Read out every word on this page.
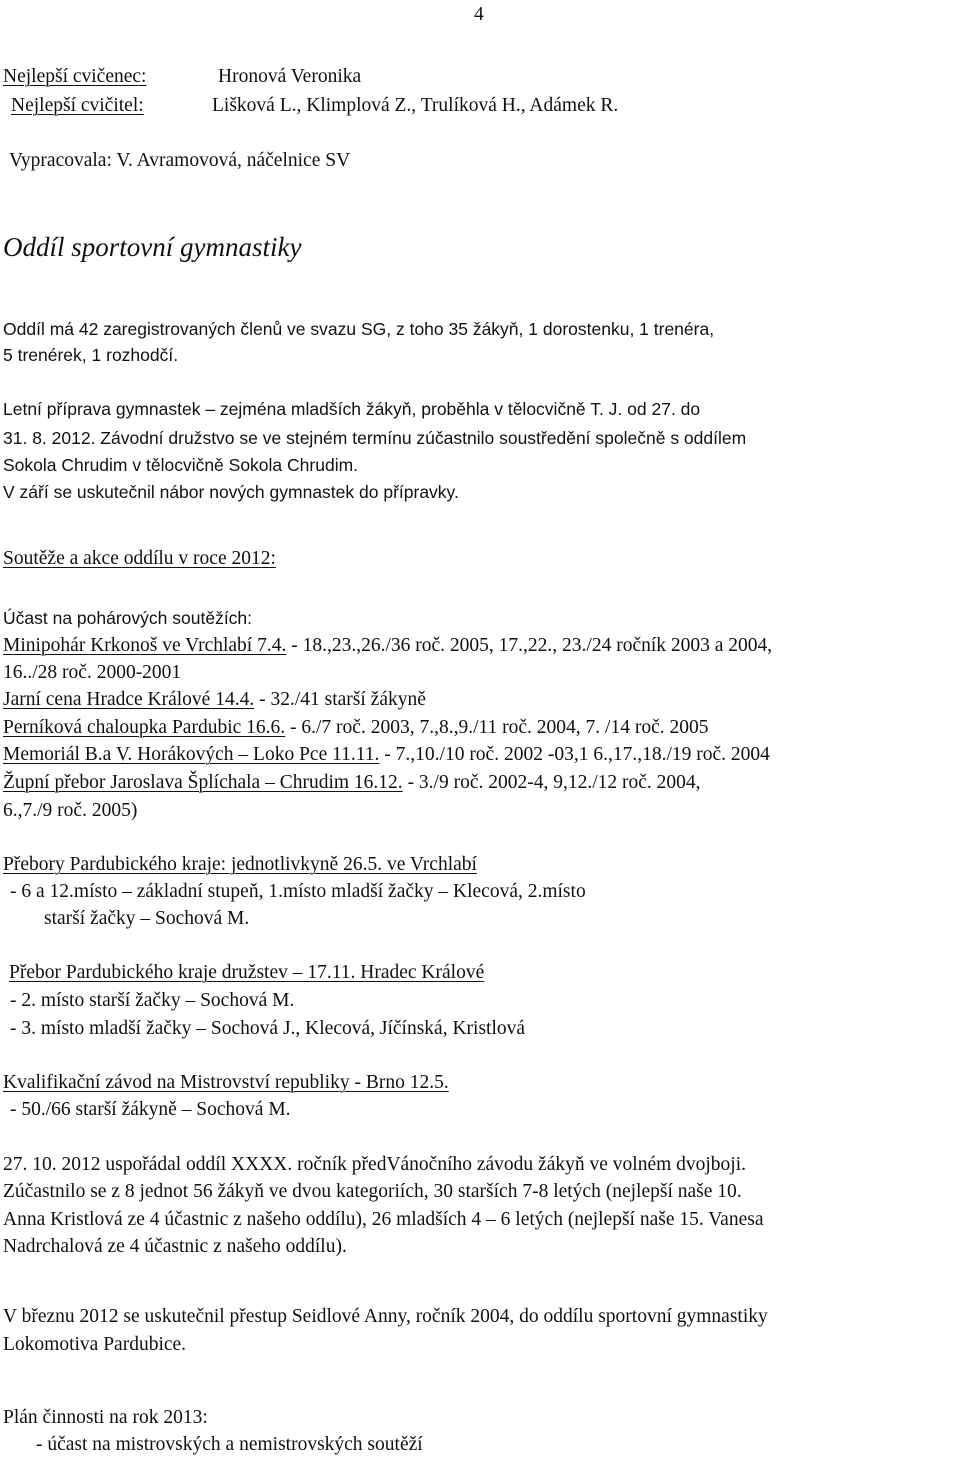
4
Nejlepší cvičenec:	Hronová Veronika
Nejlepší cvičitel:	Lišková L., Klimplová Z., Trulíková H., Adámek R.
Vypracovala: V. Avramovová, náčelnice SV
Oddíl sportovní gymnastiky
Oddíl má 42 zaregistrovaných členů ve svazu SG, z toho 35 žákyň, 1 dorostenku, 1 trenéra,
5 trenérek, 1 rozhodčí.
Letní příprava gymnastek – zejména mladších žákyň, proběhla v tělocvičně T. J. od 27. do
31. 8. 2012. Závodní družstvo se ve stejném termínu zúčastnilo soustředění společně s oddílem
Sokola Chrudim v tělocvičně Sokola Chrudim.
V září se uskutečnil nábor nových gymnastek do přípravky.
Soutěže a akce oddílu v roce 2012:
Účast na pohárových soutěžích:
Minipohár Krkonoš ve Vrchlabí 7.4. - 18.,23.,26./36 roč. 2005, 17.,22., 23./24 ročník 2003 a 2004,
16../28 roč. 2000-2001
Jarní cena Hradce Králové 14.4. - 32./41 starší žákyně
Perníková chaloupka Pardubic 16.6. - 6./7 roč. 2003, 7.,8.,9./11 roč. 2004, 7. /14 roč. 2005
Memoriál B.a V. Horákových – Loko Pce 11.11. - 7.,10./10 roč. 2002 -03,1 6.,17.,18./19 roč. 2004
Župní přebor Jaroslava Šplíchala – Chrudim 16.12. - 3./9 roč. 2002-4, 9,12./12 roč. 2004,
6.,7./9 roč. 2005)
Přebory Pardubického kraje: jednotlivkyně 26.5. ve Vrchlabí
- 6 a 12.místo – základní stupeň, 1.místo mladší žačky – Klecová, 2.místo
starší žačky – Sochová M.
Přebor Pardubického kraje družstev – 17.11. Hradec Králové
- 2. místo starší žačky – Sochová M.
- 3. místo mladší žačky – Sochová J., Klecová, Jíčínská, Kristlová
Kvalifikační závod na Mistrovství republiky - Brno 12.5.
- 50./66 starší žákyně – Sochová M.
27. 10. 2012 uspořádal oddíl XXXX. ročník předVánočního závodu žákyň ve volném dvojboji.
Zúčastnilo se z 8 jednot 56 žákyň ve dvou kategoriích, 30 starších 7-8 letých (nejlepší naše 10.
Anna Kristlová ze 4 účastnic z našeho oddílu), 26 mladších 4 – 6 letých (nejlepší naše 15. Vanesa
Nadrchalová ze 4 účastnic z našeho oddílu).
V březnu 2012 se uskutečnil přestup Seidlové Anny, ročník 2004, do oddílu sportovní gymnastiky
Lokomotiva Pardubice.
Plán činnosti na rok 2013:
- účast na mistrovských a nemistrovských soutěží
